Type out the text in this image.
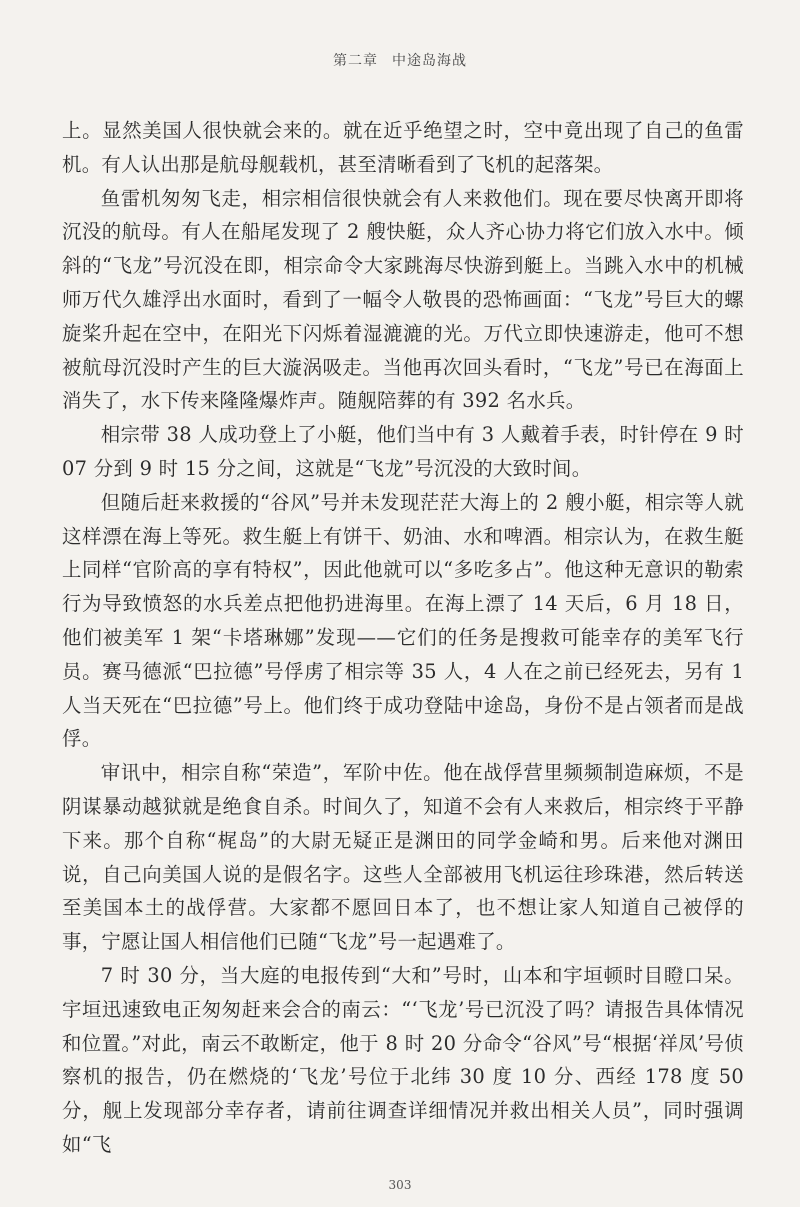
第二章 中途岛海战

上。显然美国人很快就会来的。就在近乎绝望之时，空中竟出现了自己的鱼雷机。有人认出那是航母舰载机，甚至清晰看到了飞机的起落架。

鱼雷机匆匆飞走，相宗相信很快就会有人来救他们。现在要尽快离开即将沉没的航母。有人在船尾发现了 2 艘快艇，众人齐心协力将它们放入水中。倾斜的“飞龙”号沉没在即，相宗命令大家跳海尽快游到艇上。当跳入水中的机械师万代久雄浮出水面时，看到了一幅令人敬畏的恐怖画面：“飞龙”号巨大的螺旋桨升起在空中，在阳光下闪烁着湿漉漉的光。万代立即快速游走，他可不想被航母沉没时产生的巨大漩涡吸走。当他再次回头看时，“飞龙”号已在海面上消失了，水下传来隆隆爆炸声。随舰陪葬的有 392 名水兵。

相宗带 38 人成功登上了小艇，他们当中有 3 人戴着手表，时针停在 9 时 07 分到 9 时 15 分之间，这就是“飞龙”号沉没的大致时间。

但随后赶来救援的“谷风”号并未发现茫茫大海上的 2 艘小艇，相宗等人就这样漂在海上等死。救生艇上有饼干、奶油、水和啤酒。相宗认为，在救生艇上同样“官阶高的享有特权”，因此他就可以“多吃多占”。他这种无意识的勒索行为导致愤怒的水兵差点把他扔进海里。在海上漂了 14 天后，6 月 18 日，他们被美军 1 架“卡塔琳娜”发现——它们的任务是搜救可能幸存的美军飞行员。赛马德派“巴拉德”号俘虏了相宗等 35 人，4 人在之前已经死去，另有 1 人当天死在“巴拉德”号上。他们终于成功登陆中途岛，身份不是占领者而是战俘。

审讯中，相宗自称“荣造”，军阶中佐。他在战俘营里频频制造麻烦，不是阴谋暴动越狱就是绝食自杀。时间久了，知道不会有人来救后，相宗终于平静下来。那个自称“梶岛”的大尉无疑正是渊田的同学金崎和男。后来他对渊田说，自己向美国人说的是假名字。这些人全部被用飞机运往珍珠港，然后转送至美国本土的战俘营。大家都不愿回日本了，也不想让家人知道自己被俘的事，宁愿让国人相信他们已随“飞龙”号一起遇难了。

7 时 30 分，当大庭的电报传到“大和”号时，山本和宇垣顿时目瞪口呆。宇垣迅速致电正匆匆赶来会合的南云：“‘飞龙’号已沉没了吗？请报告具体情况和位置。”对此，南云不敢断定，他于 8 时 20 分命令“谷风”号“根据‘祥凤’号侦察机的报告，仍在燃烧的‘飞龙’号位于北纬 30 度 10 分、西经 178 度 50 分，舰上发现部分幸存者，请前往调查详细情况并救出相关人员”，同时强调如“飞

303
